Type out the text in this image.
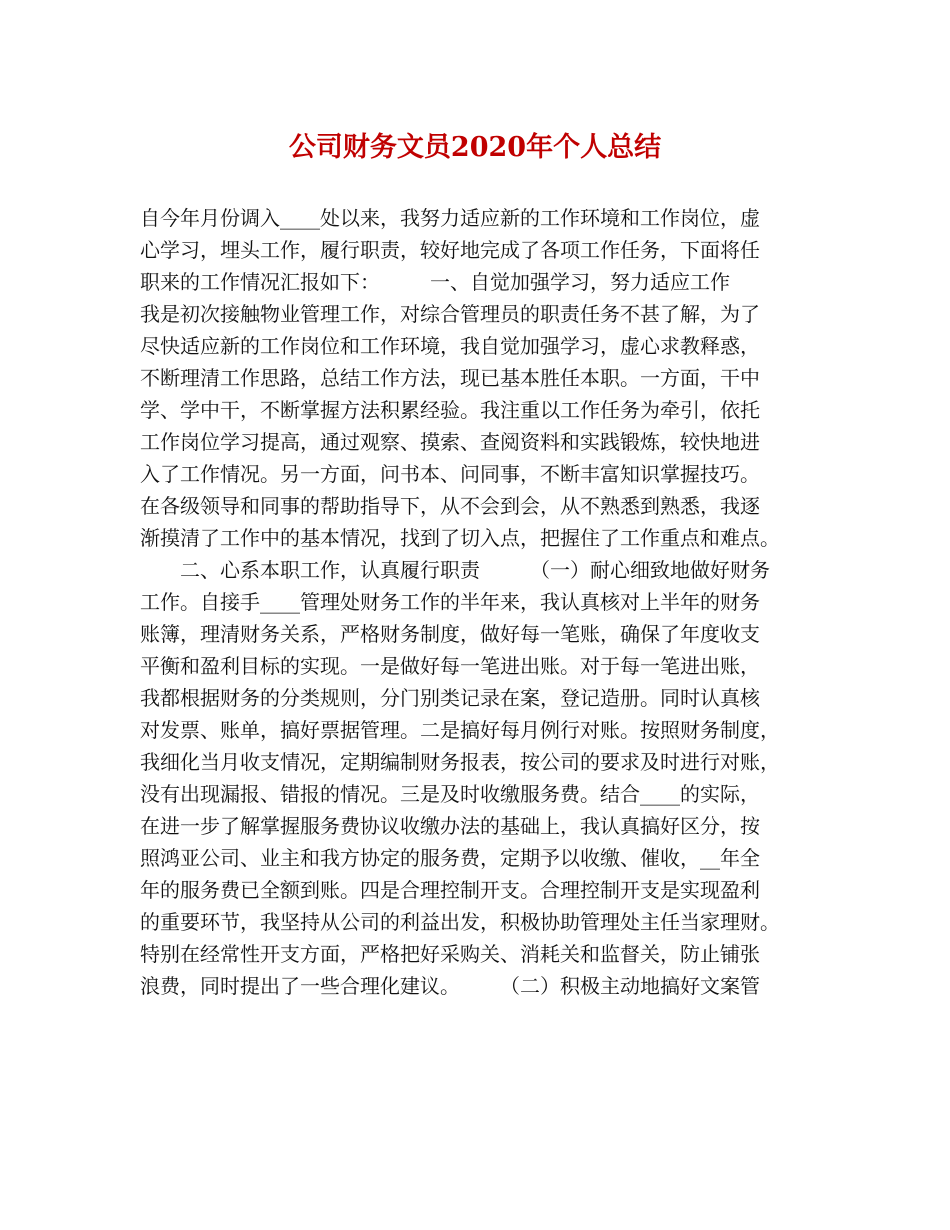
公司财务文员2020年个人总结
自今年月份调入____处以来，我努力适应新的工作环境和工作岗位，虚
心学习，埋头工作，履行职责，较好地完成了各项工作任务，下面将任
职来的工作情况汇报如下：　　　一、自觉加强学习，努力适应工作
我是初次接触物业管理工作，对综合管理员的职责任务不甚了解，为了
尽快适应新的工作岗位和工作环境，我自觉加强学习，虚心求教释惑，
不断理清工作思路，总结工作方法，现已基本胜任本职。一方面，干中
学、学中干，不断掌握方法积累经验。我注重以工作任务为牵引，依托
工作岗位学习提高，通过观察、摸索、查阅资料和实践锻炼，较快地进
入了工作情况。另一方面，问书本、问同事，不断丰富知识掌握技巧。
在各级领导和同事的帮助指导下，从不会到会，从不熟悉到熟悉，我逐
渐摸清了工作中的基本情况，找到了切入点，把握住了工作重点和难点。
　　二、心系本职工作，认真履行职责　　　（一）耐心细致地做好财务
工作。自接手____管理处财务工作的半年来，我认真核对上半年的财务
账簿，理清财务关系，严格财务制度，做好每一笔账，确保了年度收支
平衡和盈利目标的实现。一是做好每一笔进出账。对于每一笔进出账，
我都根据财务的分类规则，分门别类记录在案，登记造册。同时认真核
对发票、账单，搞好票据管理。二是搞好每月例行对账。按照财务制度，
我细化当月收支情况，定期编制财务报表，按公司的要求及时进行对账，
没有出现漏报、错报的情况。三是及时收缴服务费。结合____的实际，
在进一步了解掌握服务费协议收缴办法的基础上，我认真搞好区分，按
照鸿亚公司、业主和我方协定的服务费，定期予以收缴、催收，__年全
年的服务费已全额到账。四是合理控制开支。合理控制开支是实现盈利
的重要环节，我坚持从公司的利益出发，积极协助管理处主任当家理财。
特别在经常性开支方面，严格把好采购关、消耗关和监督关，防止铺张
浪费，同时提出了一些合理化建议。　　　（二）积极主动地搞好文案管
